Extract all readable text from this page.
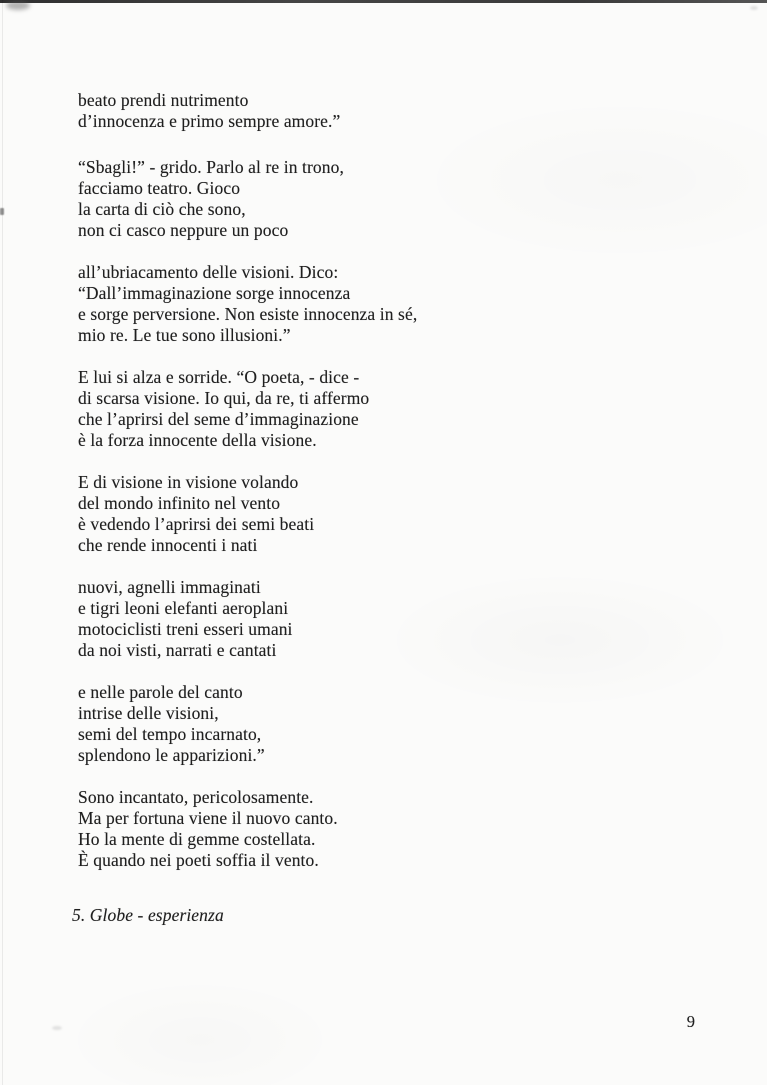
beato prendi nutrimento
d’innocenza e primo sempre amore.”

“Sbagli!” - grido. Parlo al re in trono,
facciamo teatro. Gioco
la carta di ciò che sono,
non ci casco neppure un poco

all’ubriacamento delle visioni. Dico:
“Dall’immaginazione sorge innocenza
e sorge perversione. Non esiste innocenza in sé,
mio re. Le tue sono illusioni.”

E lui si alza e sorride. “O poeta, - dice -
di scarsa visione. Io qui, da re, ti affermo
che l’aprirsi del seme d’immaginazione
è la forza innocente della visione.

E di visione in visione volando
del mondo infinito nel vento
è vedendo l’aprirsi dei semi beati
che rende innocenti i nati

nuovi, agnelli immaginati
e tigri leoni elefanti aeroplani
motociclisti treni esseri umani
da noi visti, narrati e cantati

e nelle parole del canto
intrise delle visioni,
semi del tempo incarnato,
splendono le apparizioni.”

Sono incantato, pericolosamente.
Ma per fortuna viene il nuovo canto.
Ho la mente di gemme costellata.
È quando nei poeti soffia il vento.

5. Globe - esperienza

9
